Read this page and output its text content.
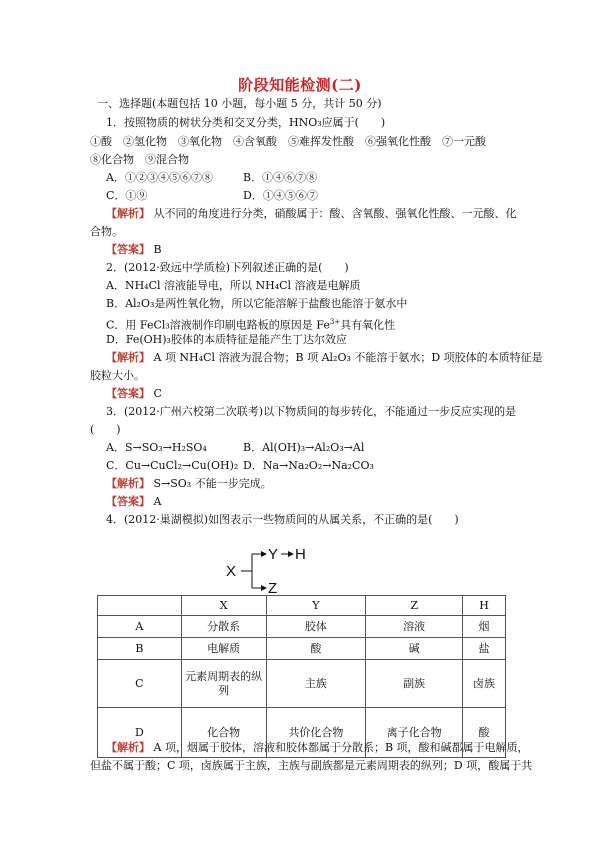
阶段知能检测(二)
一、选择题(本题包括 10 小题，每小题 5 分，共计 50 分)
1．按照物质的树状分类和交叉分类，HNO₃应属于(　　)
①酸　②氢化物　③氧化物　④含氧酸　⑤难挥发性酸　⑥强氧化性酸　⑦一元酸
⑧化合物　⑨混合物
A．①②③④⑤⑥⑦⑧	B．①④⑥⑦⑧
C．①⑨	D．①④⑤⑥⑦
【解析】 从不同的角度进行分类，硝酸属于：酸、含氧酸、强氧化性酸、一元酸、化
合物。
【答案】 B
2．(2012·致远中学质检)下列叙述正确的是(　　)
A．NH₄Cl 溶液能导电，所以 NH₄Cl 溶液是电解质
B．Al₂O₃是两性氧化物，所以它能溶解于盐酸也能溶于氨水中
C．用 FeCl₃溶液制作印刷电路板的原因是 $Fe^{3+}$具有氧化性
D．Fe(OH)₃胶体的本质特征是能产生丁达尔效应
【解析】 A 项 NH₄Cl 溶液为混合物；B 项 Al₂O₃ 不能溶于氨水；D 项胶体的本质特征是
胶粒大小。
【答案】 C
3．(2012·广州六校第二次联考)以下物质间的每步转化，不能通过一步反应实现的是
(　　)
A．S→SO₃→H₂SO₄	B．Al(OH)₃→Al₂O₃→Al
C．Cu→CuCl₂→Cu(OH)₂ D．Na→Na₂O₂→Na₂CO₃
【解析】 S→SO₃ 不能一步完成。
【答案】 A
4．(2012·巢湖模拟)如图表示一些物质间的从属关系，不正确的是(　　)
X
Y H
Z
	X	Y	Z	H
A	分散系	胶体	溶液	烟
B	电解质	酸	碱	盐
C	元素周期表的纵列	主族	副族	卤族
D	化合物	共价化合物	离子化合物	酸
【解析】 A 项，烟属于胶体，溶液和胶体都属于分散系；B 项，酸和碱都属于电解质，
但盐不属于酸；C 项，卤族属于主族，主族与副族都是元素周期表的纵列；D 项，酸属于共
